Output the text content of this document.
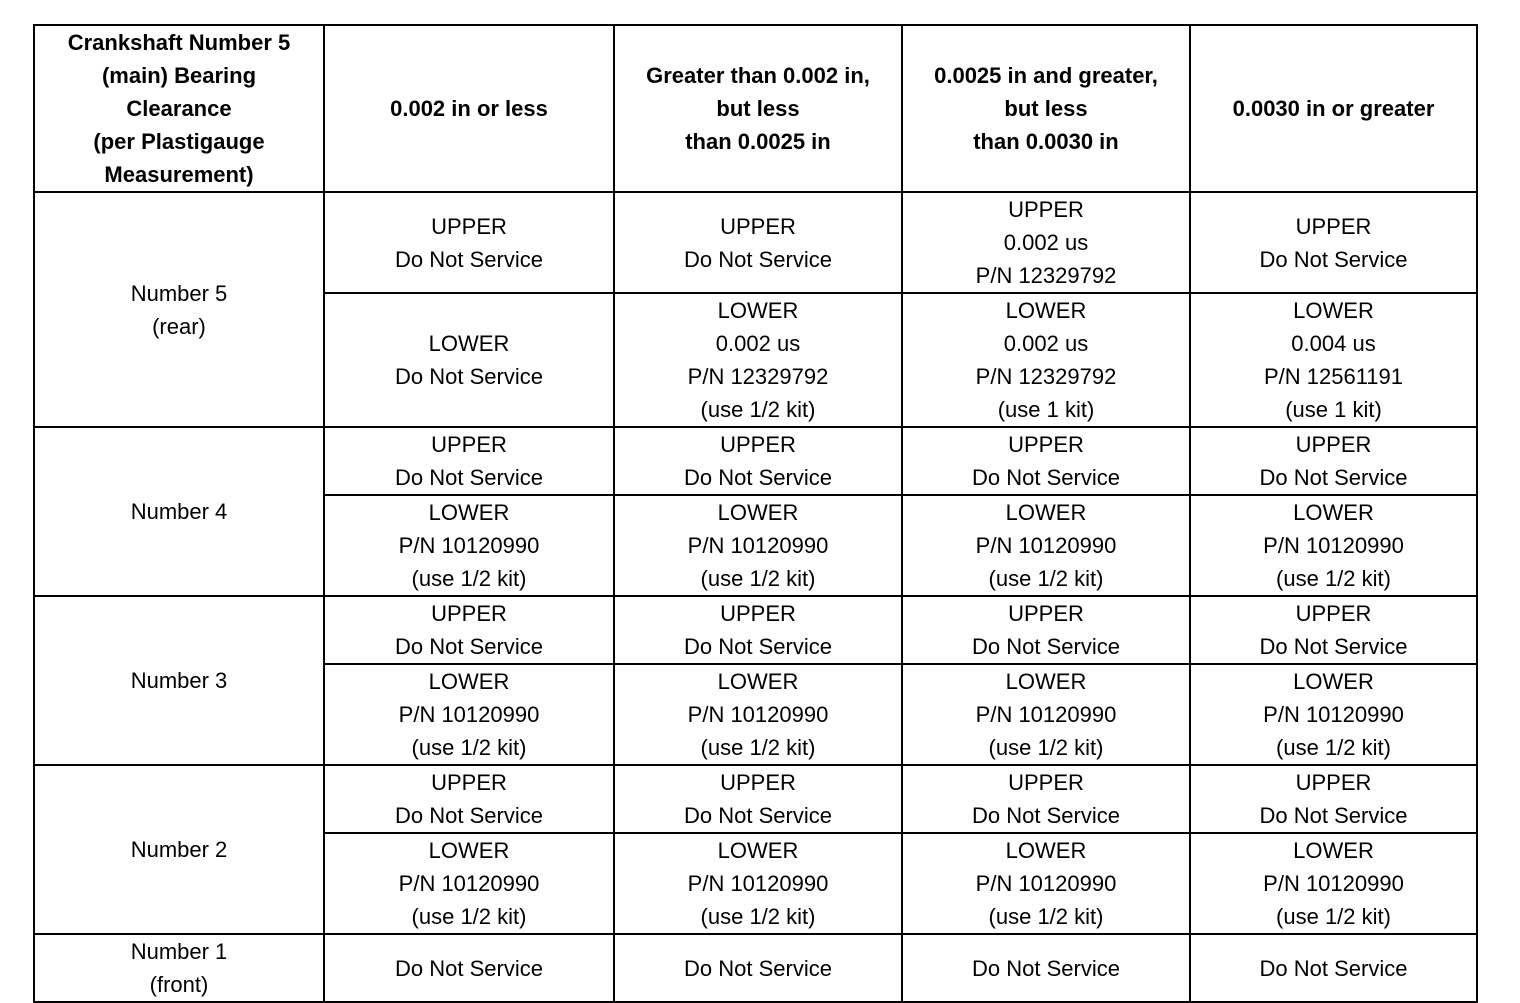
Crankshaft Number 5
(main) Bearing
Clearance
(per Plastigauge
Measurement)	0.002 in or less	Greater than 0.002 in,
but less
than 0.0025 in	0.0025 in and greater,
but less
than 0.0030 in	0.0030 in or greater

Number 5
(rear)	UPPER
Do Not Service	UPPER
Do Not Service	UPPER
0.002 us
P/N 12329792	UPPER
Do Not Service

	LOWER
Do Not Service	LOWER
0.002 us
P/N 12329792
(use 1/2 kit)	LOWER
0.002 us
P/N 12329792
(use 1 kit)	LOWER
0.004 us
P/N 12561191
(use 1 kit)

Number 4	UPPER
Do Not Service	UPPER
Do Not Service	UPPER
Do Not Service	UPPER
Do Not Service

	LOWER
P/N 10120990
(use 1/2 kit)	LOWER
P/N 10120990
(use 1/2 kit)	LOWER
P/N 10120990
(use 1/2 kit)	LOWER
P/N 10120990
(use 1/2 kit)

Number 3	UPPER
Do Not Service	UPPER
Do Not Service	UPPER
Do Not Service	UPPER
Do Not Service

	LOWER
P/N 10120990
(use 1/2 kit)	LOWER
P/N 10120990
(use 1/2 kit)	LOWER
P/N 10120990
(use 1/2 kit)	LOWER
P/N 10120990
(use 1/2 kit)

Number 2	UPPER
Do Not Service	UPPER
Do Not Service	UPPER
Do Not Service	UPPER
Do Not Service

	LOWER
P/N 10120990
(use 1/2 kit)	LOWER
P/N 10120990
(use 1/2 kit)	LOWER
P/N 10120990
(use 1/2 kit)	LOWER
P/N 10120990
(use 1/2 kit)

Number 1
(front)	Do Not Service	Do Not Service	Do Not Service	Do Not Service
